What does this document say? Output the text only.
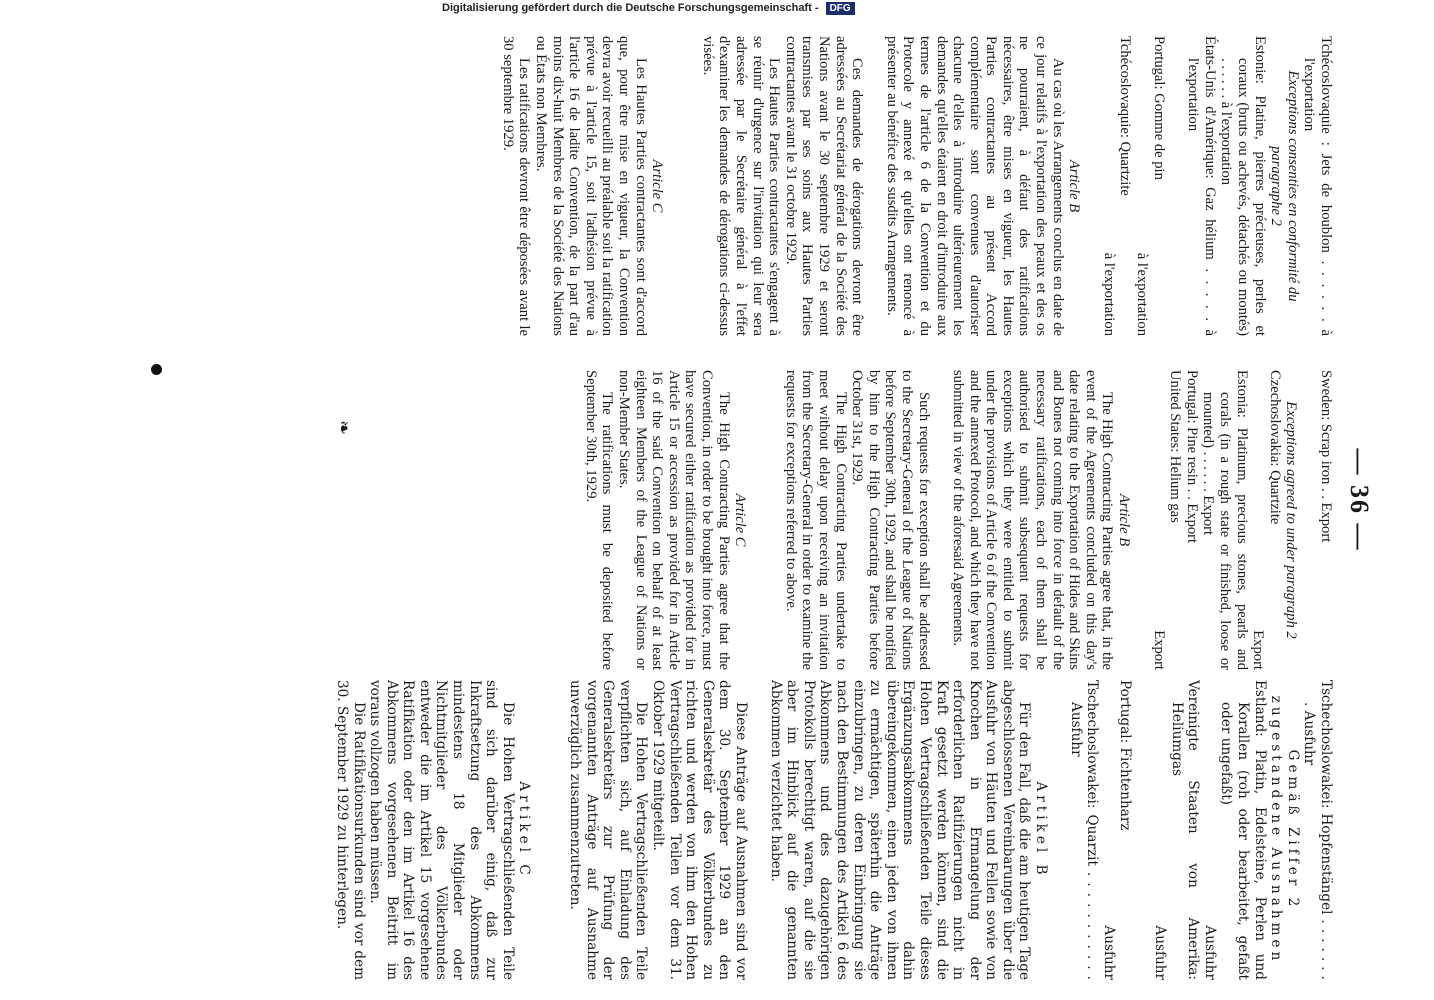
— 36 —

Tchécoslovaquie : Jets de houblon . . . . . . à l'exportation

Exceptions consenties en conformité du paragraphe 2

Estonie: Platine, pierres précieuses, perles et coraux (bruts ou achevés, détachés ou montés) . . . . . . à l'exportation

États-Unis d'Amérique: Gaz hélium . . . . . à l'exportation

Portugal: Gomme de pin

à l'exportation

Tchécoslovaquie: Quartzite

à l'exportation

Article B

Au cas où les Arrangements conclus en date de ce jour relatifs à l'exportation des peaux et des os ne pourraient, à défaut des ratifications nécessaires, être mises en vigueur, les Hautes Parties contractantes au présent Accord complémentaire sont convenues d'autoriser chacune d'elles à introduire ultérieurement les demandes qu'elles étaient en droit d'introduire aux termes de l'article 6 de la Convention et du Protocole y annexé et qu'elles ont renoncé à présenter au bénéfice des susdits Arrangements.

Ces demandes de dérogations devront être adressées au Secrétariat général de la Société des Nations avant le 30 septembre 1929 et seront transmises par ses soins aux Hautes Parties contractantes avant le 31 octobre 1929.

Les Hautes Parties contractantes s'engagent à se réunir d'urgence sur l'invitation qui leur sera adressée par le Secrétaire général à l'effet d'examiner les demandes de dérogations ci-dessus visées.

Article C

Les Hautes Parties contractantes sont d'accord que, pour être mise en vigueur, la Convention devra avoir recueilli au préalable soit la ratification prévue à l'article 15, soit l'adhésion prévue à l'article 16 de ladite Convention, de la part d'au moins dix-huit Membres de la Société des Nations ou États non Membres.

Les ratifications devront être déposées avant le 30 septembre 1929.

Sweden: Scrap iron . . Export

Exceptions agreed to under paragraph 2

Czechoslovakia: Quartzite

Export

Estonia: Platinum, precious stones, pearls and corals (in a rough state or finished, loose or mounted) . . . . . . Export

Portugal: Pine resin . . Export

United States: Helium gas

Export

Article B

The High Contracting Parties agree that, in the event of the Agreements concluded on this day's date relating to the Exportation of Hides and Skins and Bones not coming into force in default of the necessary ratifications, each of them shall be authorised to submit subsequent requests for exceptions which they were entitled to submit under the provisions of Article 6 of the Convention and the annexed Protocol, and which they have not submitted in view of the aforesaid Agreements.

Such requests for exception shall be addressed to the Secretary-General of the League of Nations before September 30th, 1929, and shall be notified by him to the High Contracting Parties before October 31st, 1929.

The High Contracting Parties undertake to meet without delay upon receiving an invitation from the Secretary-General in order to examine the requests for exceptions referred to above.

Article C

The High Contracting Parties agree that the Convention, in order to be brought into force, must have secured either ratification as provided for in Article 15 or accession as provided for in Article 16 of the said Convention on behalf of at least eighteen Members of the League of Nations or non-Member States.

The ratifications must be deposited before September 30th, 1929.

Tschechoslowakei: Hopfenstängel . . . . . . . . Ausfuhr

Gemäß Ziffer 2 zugestandene Ausnahmen

Estland: Platin, Edelsteine, Perlen und Korallen (roh oder bearbeitet, gefaßt oder ungefaßt)

Ausfuhr

Vereinigte Staaten von Amerika: Heliumgas

Ausfuhr

Portugal: Fichtenharz

Ausfuhr

Tschechoslowakei: Quarzit . . . . . . . . . . . Ausfuhr

Artikel B

Für den Fall, daß die am heutigen Tage abgeschlossenen Vereinbarungen über die Ausfuhr von Häuten und Fellen sowie von Knochen in Ermangelung der erforderlichen Ratifizierungen nicht in Kraft gesetzt werden können, sind die Hohen Vertragschließenden Teile dieses Ergänzungsabkommens dahin übereingekommen, einen jeden von ihnen zu ermächtigen, späterhin die Anträge einzubringen, zu deren Einbringung sie nach den Bestimmungen des Artikel 6 des Abkommens und des dazugehörigen Protokolls berechtigt waren, auf die sie aber im Hinblick auf die genannten Abkommen verzichtet haben.

Diese Anträge auf Ausnahmen sind vor dem 30. September 1929 an den Generalsekretär des Völkerbundes zu richten und werden von ihm den Hohen Vertragschließenden Teilen vor dem 31. Oktober 1929 mitgeteilt.

Die Hohen Vertragschließenden Teile verpflichten sich, auf Einladung des Generalsekretärs zur Prüfung der vorgenannten Anträge auf Ausnahme unverzüglich zusammenzutreten.

Artikel C

Die Hohen Vertragschließenden Teile sind sich darüber einig, daß zur Inkraftsetzung des Abkommens mindestens 18 Mitglieder oder Nichtmitglieder des Völkerbundes entweder die im Artikel 15 vorgesehene Ratifikation oder den im Artikel 16 des Abkommens vorgesehenen Beitritt im voraus vollzogen haben müssen.

Die Ratifikationsurkunden sind vor dem 30. September 1929 zu hinterlegen.

❧
Digitalisierung gefördert durch die Deutsche Forschungsgemeinschaft - DFG
